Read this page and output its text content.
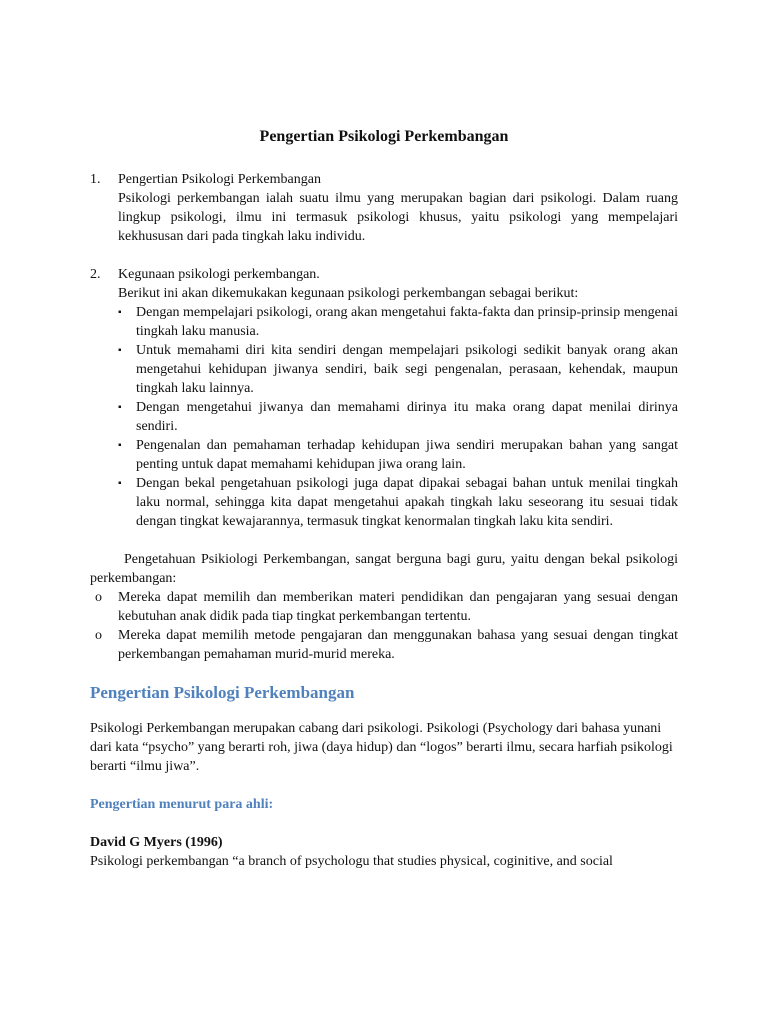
Pengertian Psikologi Perkembangan
1. Pengertian Psikologi Perkembangan

Psikologi perkembangan ialah suatu ilmu yang merupakan bagian dari psikologi. Dalam ruang lingkup psikologi, ilmu ini termasuk psikologi khusus, yaitu psikologi yang mempelajari kekhususan dari pada tingkah laku individu.

2. Kegunaan psikologi perkembangan.
Berikut ini akan dikemukakan kegunaan psikologi perkembangan sebagai berikut:
▪ Dengan mempelajari psikologi, orang akan mengetahui fakta-fakta dan prinsip-prinsip mengenai tingkah laku manusia.
▪ Untuk memahami diri kita sendiri dengan mempelajari psikologi sedikit banyak orang akan mengetahui kehidupan jiwanya sendiri, baik segi pengenalan, perasaan, kehendak, maupun tingkah laku lainnya.
▪ Dengan mengetahui jiwanya dan memahami dirinya itu maka orang dapat menilai dirinya sendiri.
▪ Pengenalan dan pemahaman terhadap kehidupan jiwa sendiri merupakan bahan yang sangat penting untuk dapat memahami kehidupan jiwa orang lain.
▪ Dengan bekal pengetahuan psikologi juga dapat dipakai sebagai bahan untuk menilai tingkah laku normal, sehingga kita dapat mengetahui apakah tingkah laku seseorang itu sesuai tidak dengan tingkat kewajarannya, termasuk tingkat kenormalan tingkah laku kita sendiri.

Pengetahuan Psikiologi Perkembangan, sangat berguna bagi guru, yaitu dengan bekal psikologi perkembangan:

o Mereka dapat memilih dan memberikan materi pendidikan dan pengajaran yang sesuai dengan kebutuhan anak didik pada tiap tingkat perkembangan tertentu.
o Mereka dapat memilih metode pengajaran dan menggunakan bahasa yang sesuai dengan tingkat perkembangan pemahaman murid-murid mereka.
Pengertian Psikologi Perkembangan

Psikologi Perkembangan merupakan cabang dari psikologi. Psikologi (Psychology dari bahasa yunani dari kata “psycho” yang berarti roh, jiwa (daya hidup) dan “logos” berarti ilmu, secara harfiah psikologi berarti “ilmu jiwa”.

Pengertian menurut para ahli:

David G Myers (1996)

Psikologi perkembangan “a branch of psychologu that studies physical, coginitive, and social
